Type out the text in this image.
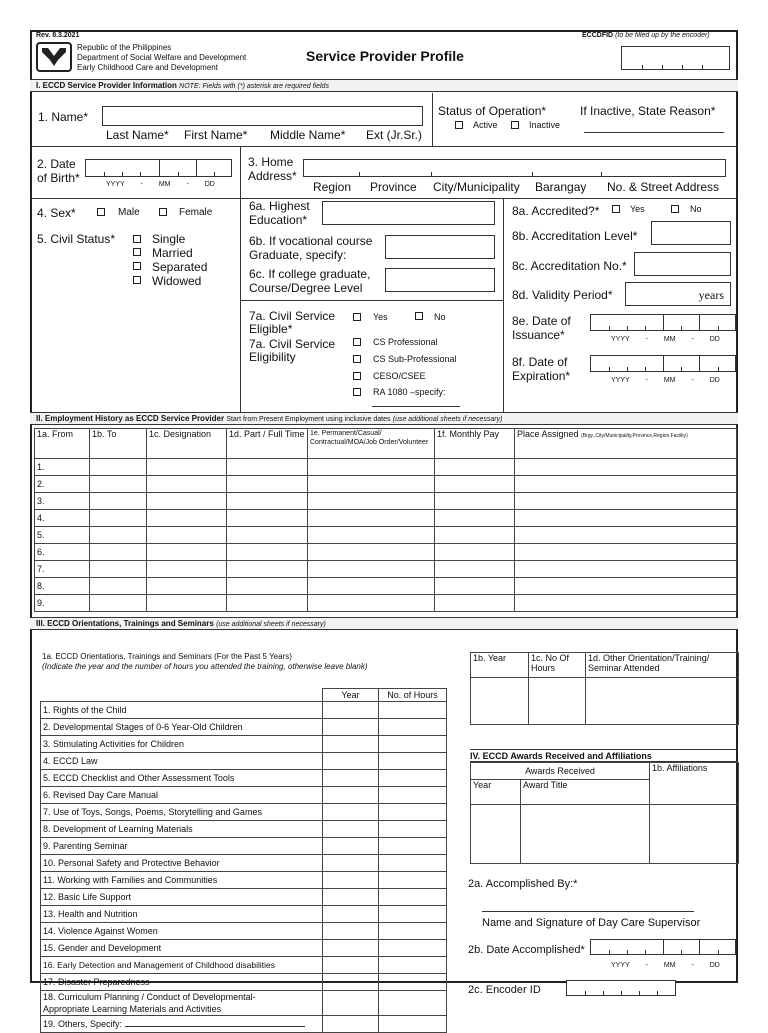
Rev. 8.3.2021
Republic of the Philippines
Department of Social Welfare and Development
Early Childhood Care and Development
Service Provider Profile
ECCDFID (to be filled up by the encoder)
I. ECCD Service Provider Information NOTE: Fields with (*) asterisk are required fields
1. Name*
Last Name* First Name* Middle Name* Ext (Jr.Sr.)
Status of Operation*
Active	Inactive
If Inactive, State Reason*
2. Date
of Birth*	YYYY - MM - DD
3. Home
Address*
Region Province City/Municipality Barangay No. & Street Address
4. Sex*	Male	Female
5. Civil Status*	Single
Married
Separated
Widowed
6a. Highest
Education*
6b. If vocational course
Graduate, specify:
6c. If college graduate,
Course/Degree Level
7a. Civil Service
Eligible*
Yes	No
7a. Civil Service
Eligibility
CS Professional
CS Sub-Professional
CESO/CSEE
RA 1080 –specify:
8a. Accredited?*	Yes	No
8b. Accreditation Level*
8c. Accreditation No.*
8d. Validity Period*	years
8e. Date of
Issuance*	YYYY - MM - DD
8f. Date of
Expiration*	YYYY - MM - DD
II. Employment History as ECCD Service Provider Start from Present Employment using inclusive dates (use additional sheets if necessary)
1a. From	1b. To	1c. Designation	1d. Part / Full Time	1e. Permanent/Casual/ Contractual/MOA/Job Order/Volunteer	1f. Monthly Pay	Place Assigned (Brgy.,City/Municipality,Province,Region,Facility)
1.						
2.						
3.						
4.						
5.						
6.						
7.						
8.						
9.						
III. ECCD Orientations, Trainings and Seminars (use additional sheets if necessary)
1a. ECCD Orientations, Trainings and Seminars (For the Past 5 Years)
(Indicate the year and the number of hours you attended the training, otherwise leave blank)
	Year	No. of Hours
1. Rights of the Child		
2. Developmental Stages of 0-6 Year-Old Children		
3. Stimulating Activities for Children		
4. ECCD Law		
5. ECCD Checklist and Other Assessment Tools		
6. Revised Day Care Manual		
7. Use of Toys, Songs, Poems, Storytelling and Games		
8. Development of Learning Materials		
9. Parenting Seminar		
10. Personal Safety and Protective Behavior		
11. Working with Families and Communities		
12. Basic Life Support		
13. Health and Nutrition		
14. Violence Against Women		
15. Gender and Development		
16. Early Detection and Management of Childhood disabilities		
17. Disaster Preparedness		

18. Curriculum Planning / Conduct of Developmental-
Appropriate Learning Materials and Activities		

19. Others, Specify:		
1b. Year	1c. No Of Hours	1d. Other Orientation/Training/ Seminar Attended

IV. ECCD Awards Received and Affiliations
Awards Received		1b. Affiliations
Year	Award Title	

2a. Accomplished By:*
Name and Signature of Day Care Supervisor
2b. Date Accomplished*
YYYY - MM - DD
2c. Encoder ID
